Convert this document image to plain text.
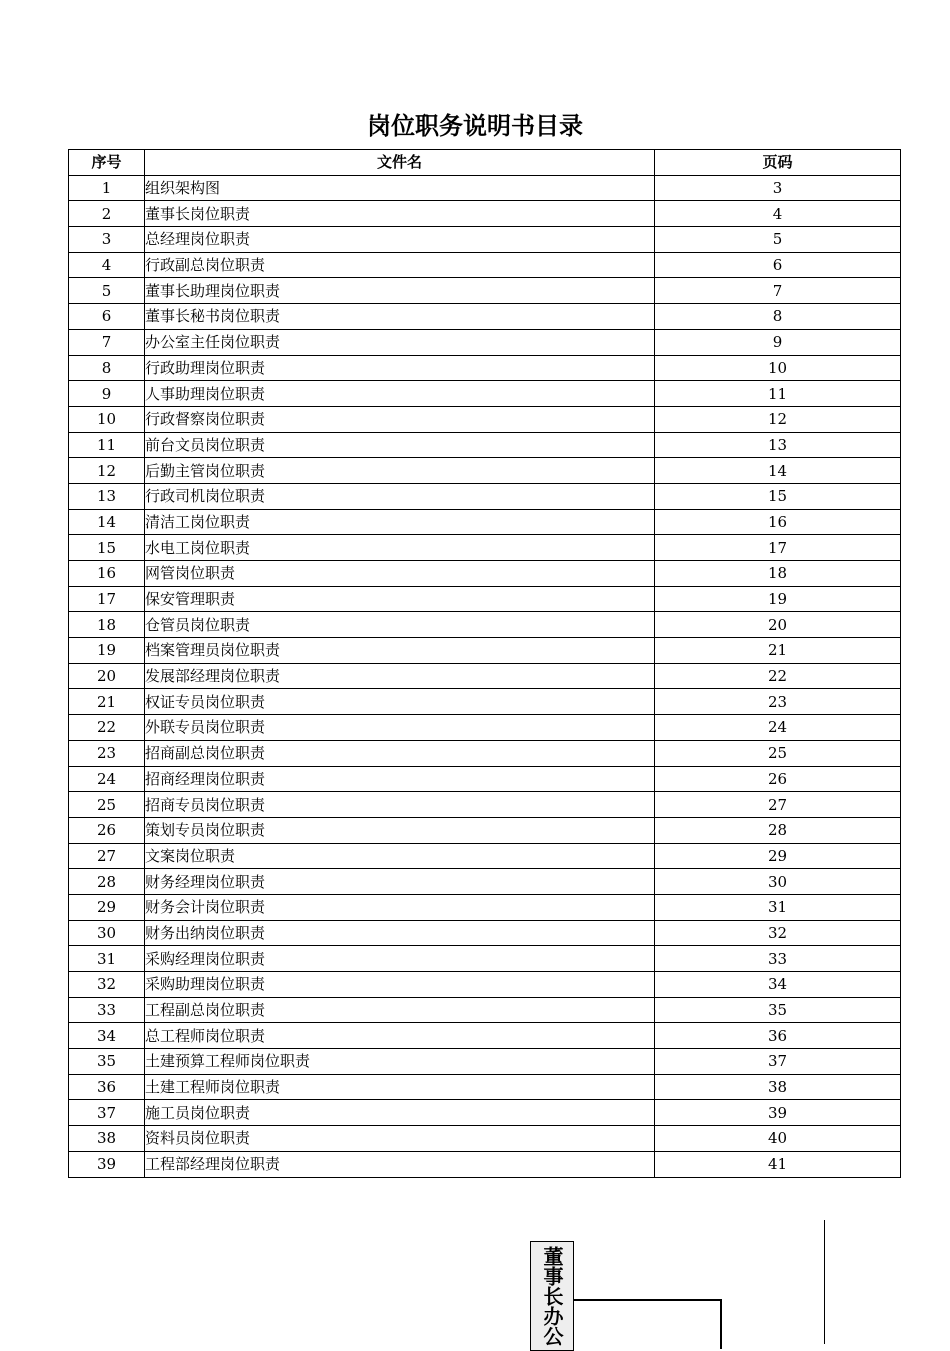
岗位职务说明书目录
序号	文件名	页码
1	组织架构图	3
2	董事长岗位职责	4
3	总经理岗位职责	5
4	行政副总岗位职责	6
5	董事长助理岗位职责	7
6	董事长秘书岗位职责	8
7	办公室主任岗位职责	9
8	行政助理岗位职责	10
9	人事助理岗位职责	11
10	行政督察岗位职责	12
11	前台文员岗位职责	13
12	后勤主管岗位职责	14
13	行政司机岗位职责	15
14	清洁工岗位职责	16
15	水电工岗位职责	17
16	网管岗位职责	18
17	保安管理职责	19
18	仓管员岗位职责	20
19	档案管理员岗位职责	21
20	发展部经理岗位职责	22
21	权证专员岗位职责	23
22	外联专员岗位职责	24
23	招商副总岗位职责	25
24	招商经理岗位职责	26
25	招商专员岗位职责	27
26	策划专员岗位职责	28
27	文案岗位职责	29
28	财务经理岗位职责	30
29	财务会计岗位职责	31
30	财务出纳岗位职责	32
31	采购经理岗位职责	33
32	采购助理岗位职责	34
33	工程副总岗位职责	35
34	总工程师岗位职责	36
35	土建预算工程师岗位职责	37
36	土建工程师岗位职责	38
37	施工员岗位职责	39
38	资料员岗位职责	40
39	工程部经理岗位职责	41
董事长办公
